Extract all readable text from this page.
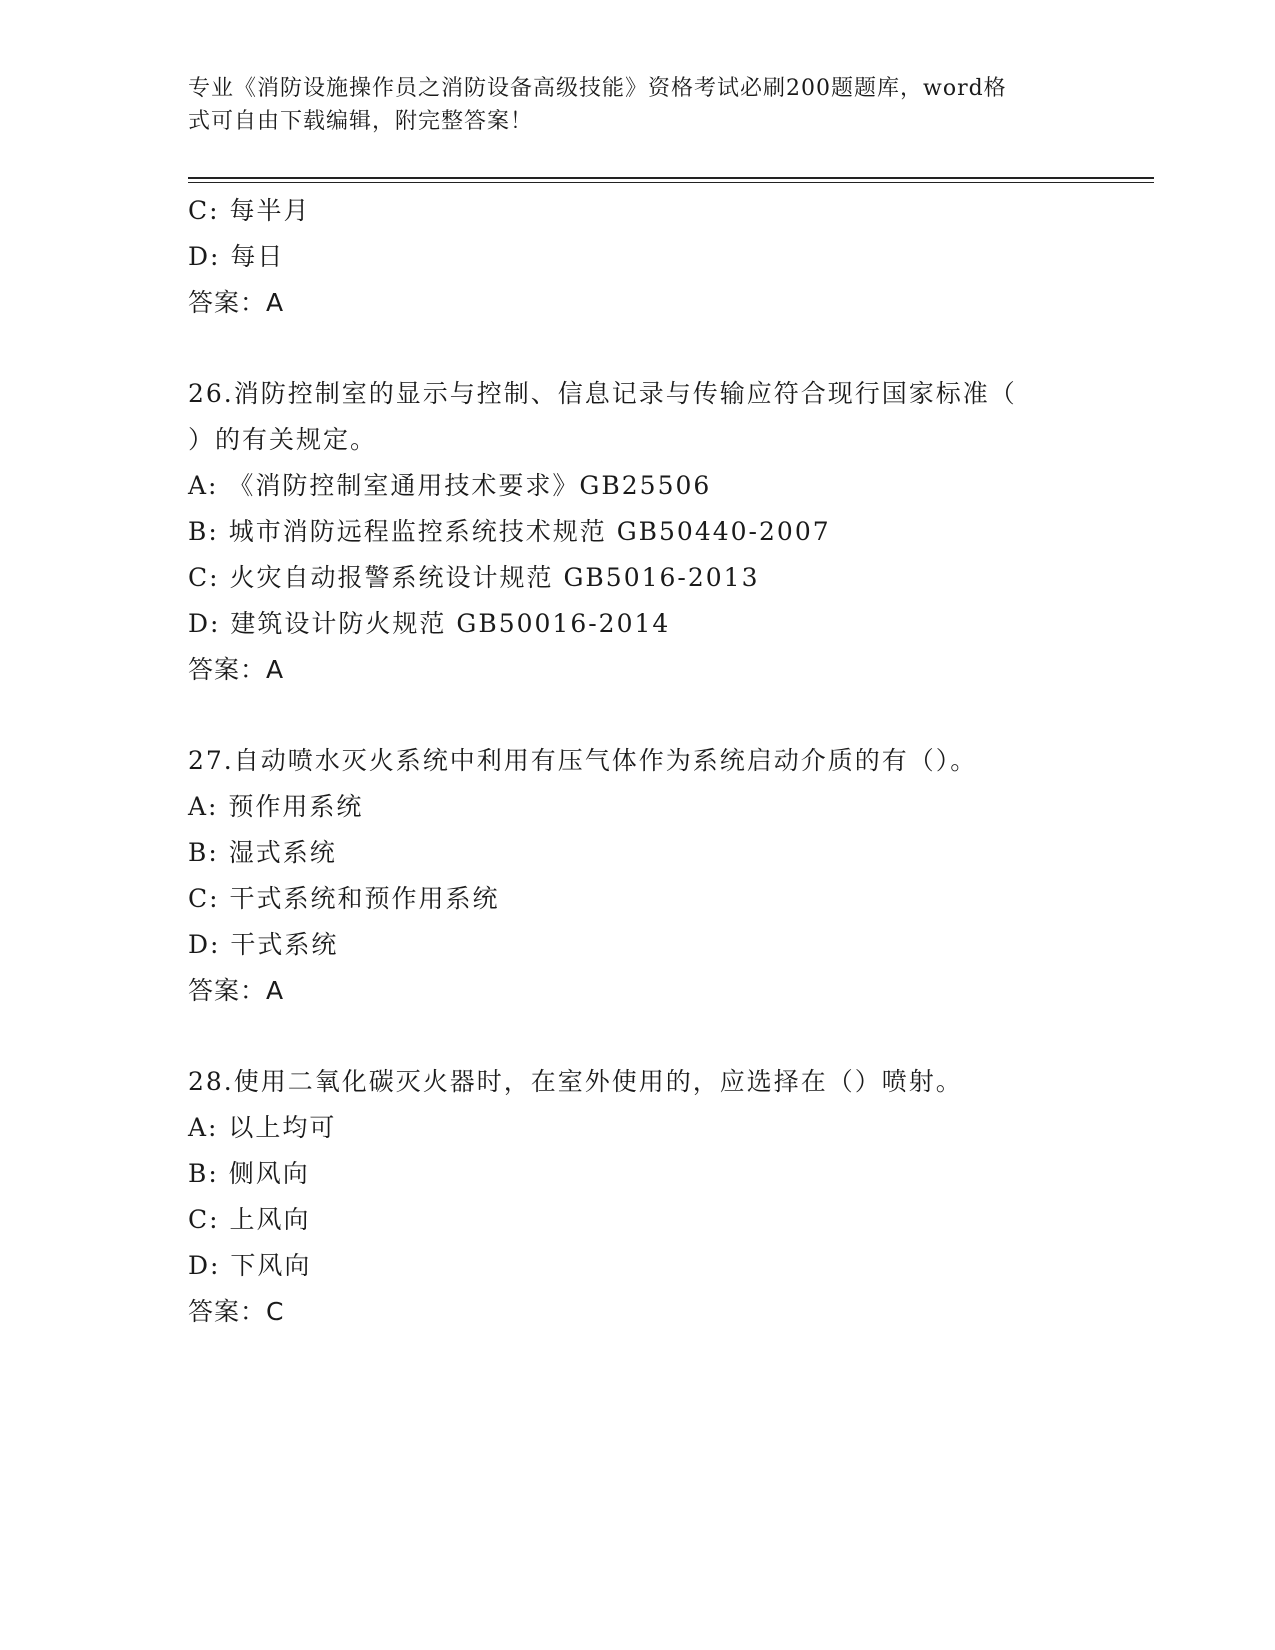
专业《消防设施操作员之消防设备高级技能》资格考试必刷200题题库，word格
式可自由下载编辑，附完整答案！
C: 每半月
D: 每日
答案：A
26.消防控制室的显示与控制、信息记录与传输应符合现行国家标准（
）的有关规定。
A: 《消防控制室通用技术要求》GB25506
B: 城市消防远程监控系统技术规范 GB50440-2007
C: 火灾自动报警系统设计规范 GB5016-2013
D: 建筑设计防火规范 GB50016-2014
答案：A
27.自动喷水灭火系统中利用有压气体作为系统启动介质的有（）。
A: 预作用系统
B: 湿式系统
C: 干式系统和预作用系统
D: 干式系统
答案：A
28.使用二氧化碳灭火器时，在室外使用的，应选择在（）喷射。
A: 以上均可
B: 侧风向
C: 上风向
D: 下风向
答案：C
